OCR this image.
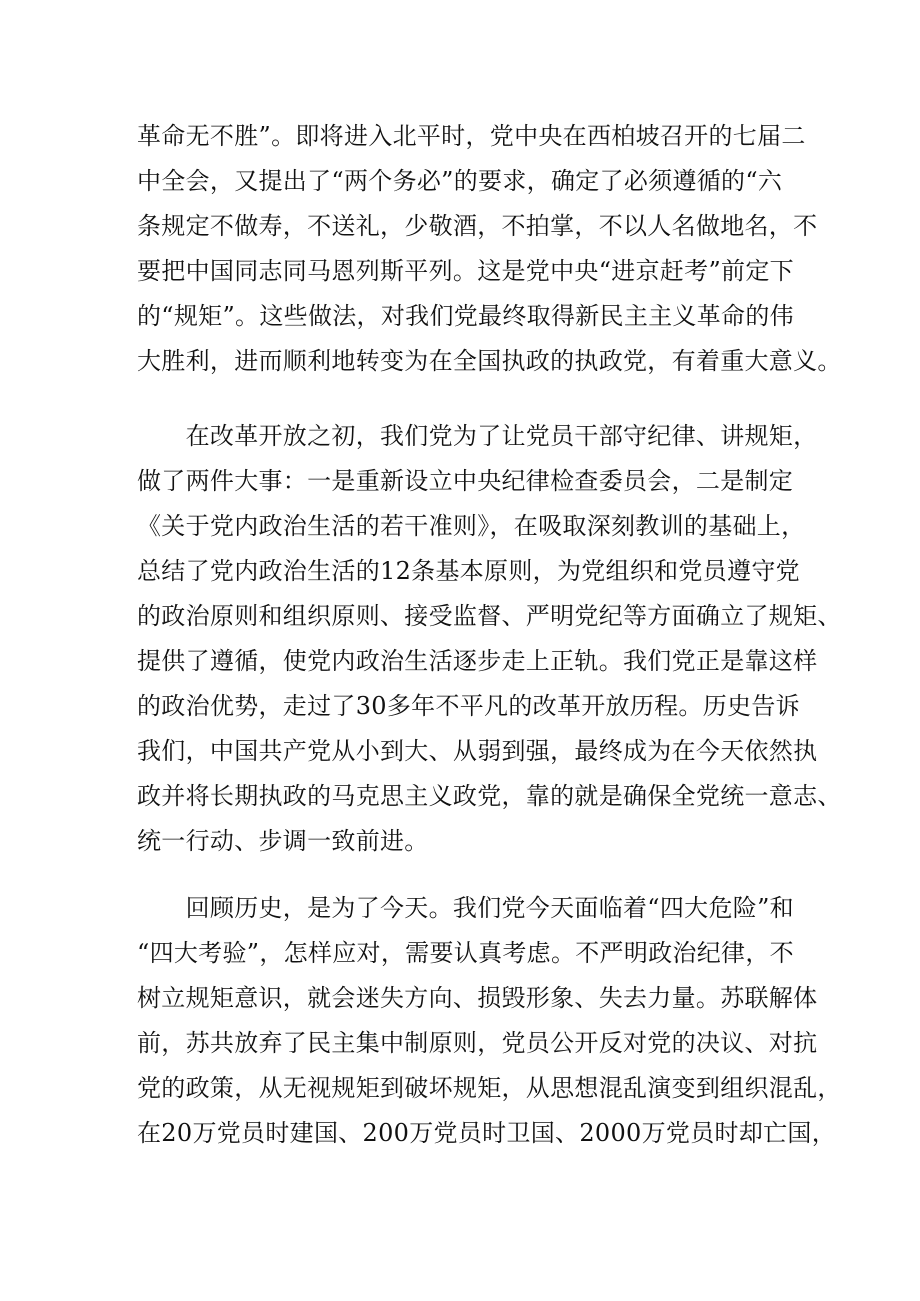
革命无不胜”。即将进入北平时，党中央在西柏坡召开的七届二
中全会，又提出了“两个务必”的要求，确定了必须遵循的“六
条规定不做寿，不送礼，少敬酒，不拍掌，不以人名做地名，不
要把中国同志同马恩列斯平列。这是党中央“进京赶考”前定下
的“规矩”。这些做法，对我们党最终取得新民主主义革命的伟
大胜利，进而顺利地转变为在全国执政的执政党，有着重大意义。
　　在改革开放之初，我们党为了让党员干部守纪律、讲规矩，
做了两件大事：一是重新设立中央纪律检查委员会，二是制定
《关于党内政治生活的若干准则》，在吸取深刻教训的基础上，
总结了党内政治生活的12条基本原则，为党组织和党员遵守党
的政治原则和组织原则、接受监督、严明党纪等方面确立了规矩、
提供了遵循，使党内政治生活逐步走上正轨。我们党正是靠这样
的政治优势，走过了30多年不平凡的改革开放历程。历史告诉
我们，中国共产党从小到大、从弱到强，最终成为在今天依然执
政并将长期执政的马克思主义政党，靠的就是确保全党统一意志、
统一行动、步调一致前进。
　　回顾历史，是为了今天。我们党今天面临着“四大危险”和
“四大考验”，怎样应对，需要认真考虑。不严明政治纪律，不
树立规矩意识，就会迷失方向、损毁形象、失去力量。苏联解体
前，苏共放弃了民主集中制原则，党员公开反对党的决议、对抗
党的政策，从无视规矩到破坏规矩，从思想混乱演变到组织混乱，
在20万党员时建国、200万党员时卫国、2000万党员时却亡国，
